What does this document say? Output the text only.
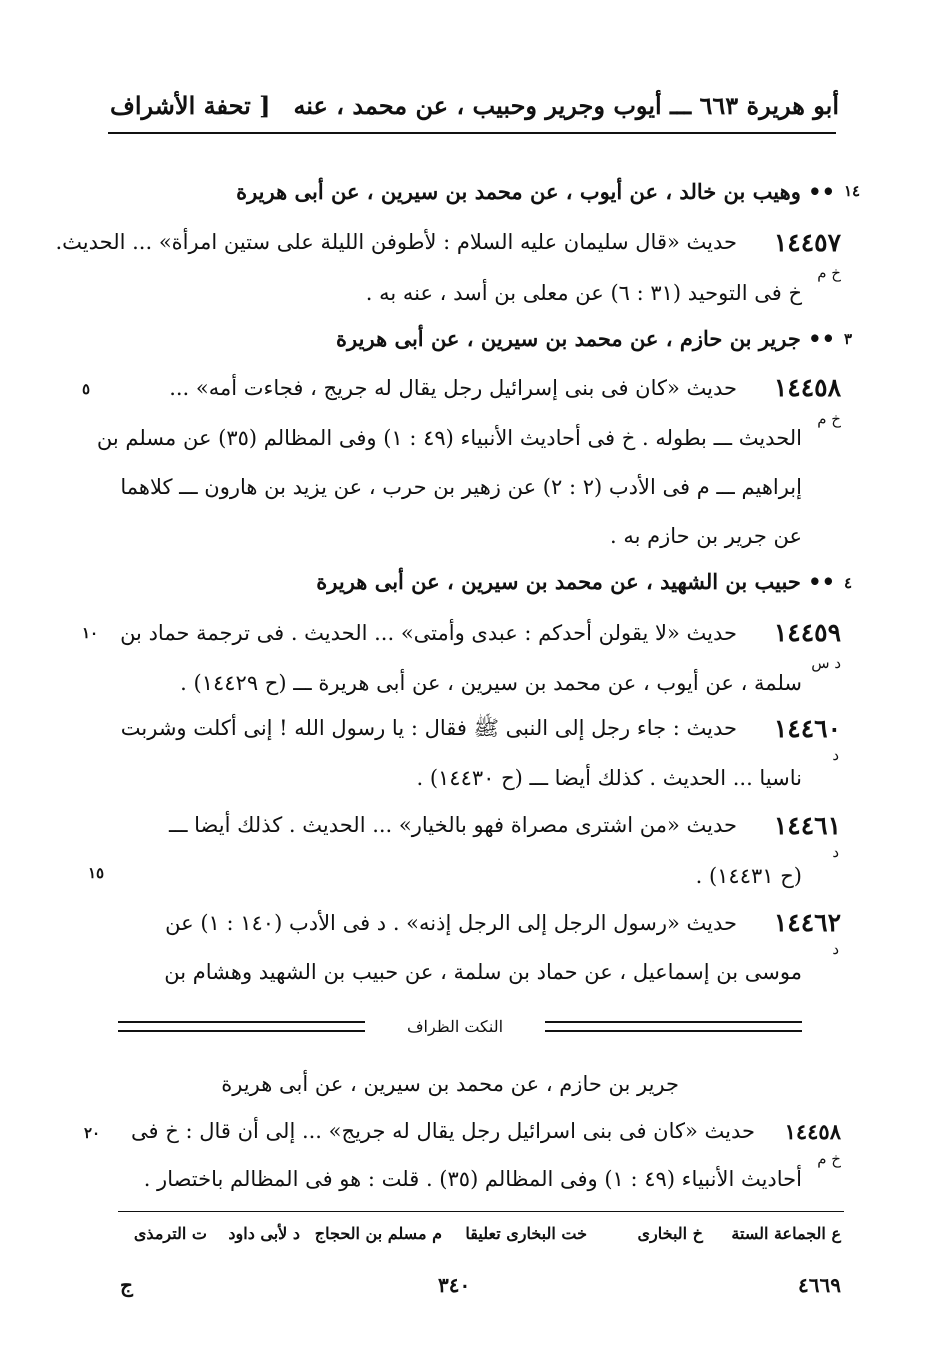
أبو هريرة ٦٦٣ ـــ أيوب وجرير وحبيب ، عن محمد ، عنه
[ تحفة الأشراف
١٤
•• وهيب بن خالد ، عن أيوب ، عن محمد بن سيرين ، عن أبى هريرة
١٤٤٥٧
حديث «قال سليمان عليه السلام : لأطوفن الليلة على ستين امرأة» ... الحديث.
خ م
خ فى التوحيد (٣١ : ٦) عن معلى بن أسد ، عنه به .
٣
•• جرير بن حازم ، عن محمد بن سيرين ، عن أبى هريرة
١٤٤٥٨
حديث «كان فى بنى إسرائيل رجل يقال له جريج ، فجاءت أمه» ...
٥
خ م
الحديث ـــ بطوله . خ فى أحاديث الأنبياء (٤٩ : ١) وفى المظالم (٣٥) عن مسلم بن
إبراهيم ـــ م فى الأدب (٢ : ٢) عن زهير بن حرب ، عن يزيد بن هارون ـــ كلاهما
عن جرير بن حازم به .
٤
•• حبيب بن الشهيد ، عن محمد بن سيرين ، عن أبى هريرة
١٤٤٥٩
حديث «لا يقولن أحدكم : عبدى وأمتى» ... الحديث . فى ترجمة حماد بن
١٠
د س
سلمة ، عن أيوب ، عن محمد بن سيرين ، عن أبى هريرة ـــ (ح ١٤٤٢٩) .
١٤٤٦٠
حديث : جاء رجل إلى النبى ﷺ فقال : يا رسول الله ! إنى أكلت وشربت
د
ناسيا ... الحديث . كذلك أيضا ـــ (ح ١٤٤٣٠) .
١٤٤٦١
حديث «من اشترى مصراة فهو بالخيار» ... الحديث . كذلك أيضا ـــ
د
١٥	(ح ١٤٤٣١) .
١٤٤٦٢
حديث «رسول الرجل إلى الرجل إذنه» . د فى الأدب (١٤٠ : ١) عن
د
موسى بن إسماعيل ، عن حماد بن سلمة ، عن حبيب بن الشهيد وهشام بن
النكت الظراف
جرير بن حازم ، عن محمد بن سيرين ، عن أبى هريرة
١٤٤٥٨
حديث «كان فى بنى اسرائيل رجل يقال له جريج» ... إلى أن قال : خ فى
٢٠
خ م
أحاديث الأنبياء (٤٩ : ١) وفى المظالم (٣٥) . قلت : هو فى المظالم باختصار .
ع الجماعة الستة
خ البخارى
خت البخارى تعليقا
م مسلم بن الحجاج
د لأبى داود
ت الترمذى
٤٦٦٩
٣٤٠
ج
